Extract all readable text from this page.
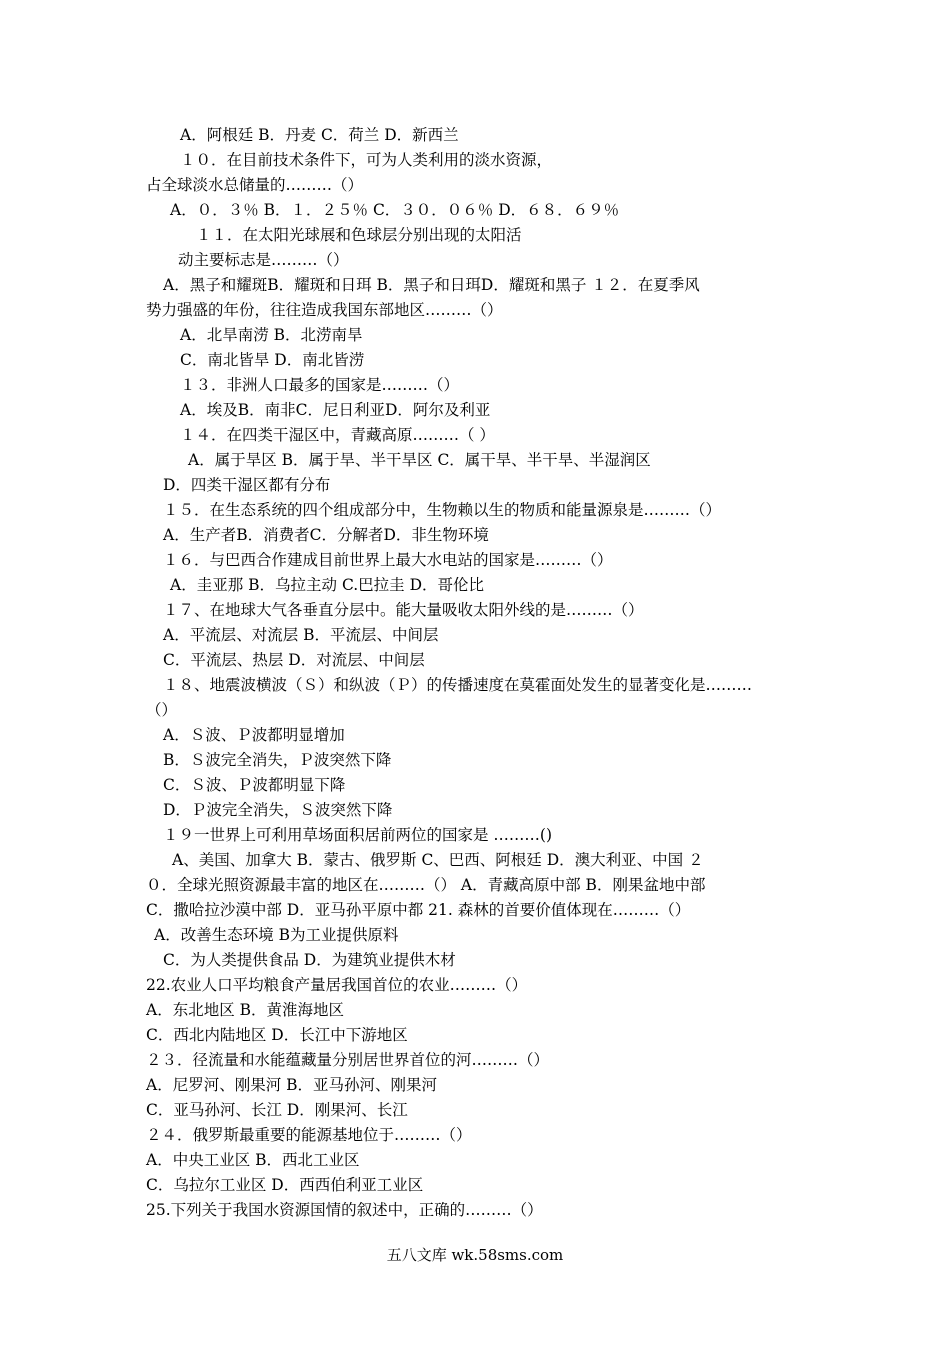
A．阿根廷 B．丹麦 C．荷兰 D．新西兰
１０．在目前技术条件下，可为人类利用的淡水资源，
占全球淡水总储量的………（）
A．０．３％ B．１．２５％ C．３０．０６％ D．６８．６９％
１１．在太阳光球展和色球层分别出现的太阳活
动主要标志是………（）
A．黑子和耀斑B．耀斑和日珥 B．黑子和日珥D．耀斑和黑子 １２．在夏季风
势力强盛的年份，往往造成我国东部地区………（）
A．北旱南涝 B．北涝南旱
C．南北皆旱 D．南北皆涝
１３．非洲人口最多的国家是………（）
A．埃及B．南非C．尼日利亚D．阿尔及利亚
１４．在四类干湿区中，青藏高原………（ ）
A．属于旱区 B．属于旱、半干旱区 C．属干旱、半干旱、半湿润区
D．四类干湿区都有分布
１５．在生态系统的四个组成部分中，生物赖以生的物质和能量源泉是………（）
A．生产者B．消费者C．分解者D．非生物环境
１６．与巴西合作建成目前世界上最大水电站的国家是………（）
A．圭亚那 B．乌拉主动 C.巴拉圭 D．哥伦比
１７、在地球大气各垂直分层中。能大量吸收太阳外线的是………（）
A．平流层、对流层 B．平流层、中间层
C．平流层、热层 D．对流层、中间层
１８、地震波横波（Ｓ）和纵波（Ｐ）的传播速度在莫霍面处发生的显著变化是………
（）
A．Ｓ波、Ｐ波都明显增加
B．Ｓ波完全消失，Ｐ波突然下降
C．Ｓ波、Ｐ波都明显下降
D．Ｐ波完全消失，Ｓ波突然下降
１９一世界上可利用草场面积居前两位的国家是 ………()
A、美国、加拿大 B．蒙古、俄罗斯 C、巴西、阿根廷 D．澳大利亚、中国 ２
０．全球光照资源最丰富的地区在………（） A．青藏高原中部 B．刚果盆地中部
C．撒哈拉沙漠中部 D．亚马孙平原中都 21. 森林的首要价值体现在………（）
A．改善生态环境 B为工业提供原料
C．为人类提供食品 D．为建筑业提供木材
22.农业人口平均粮食产量居我国首位的农业………（）
A．东北地区 B．黄淮海地区
C．西北内陆地区 D．长江中下游地区
２３．径流量和水能蕴藏量分别居世界首位的河………（）
A．尼罗河、刚果河 B．亚马孙河、刚果河
C．亚马孙河、长江 D．刚果河、长江
２４．俄罗斯最重要的能源基地位于………（）
A．中央工业区 B．西北工业区
C．乌拉尔工业区 D．西西伯利亚工业区
25.下列关于我国水资源国情的叙述中，正确的………（）
五八文库 wk.58sms.com
